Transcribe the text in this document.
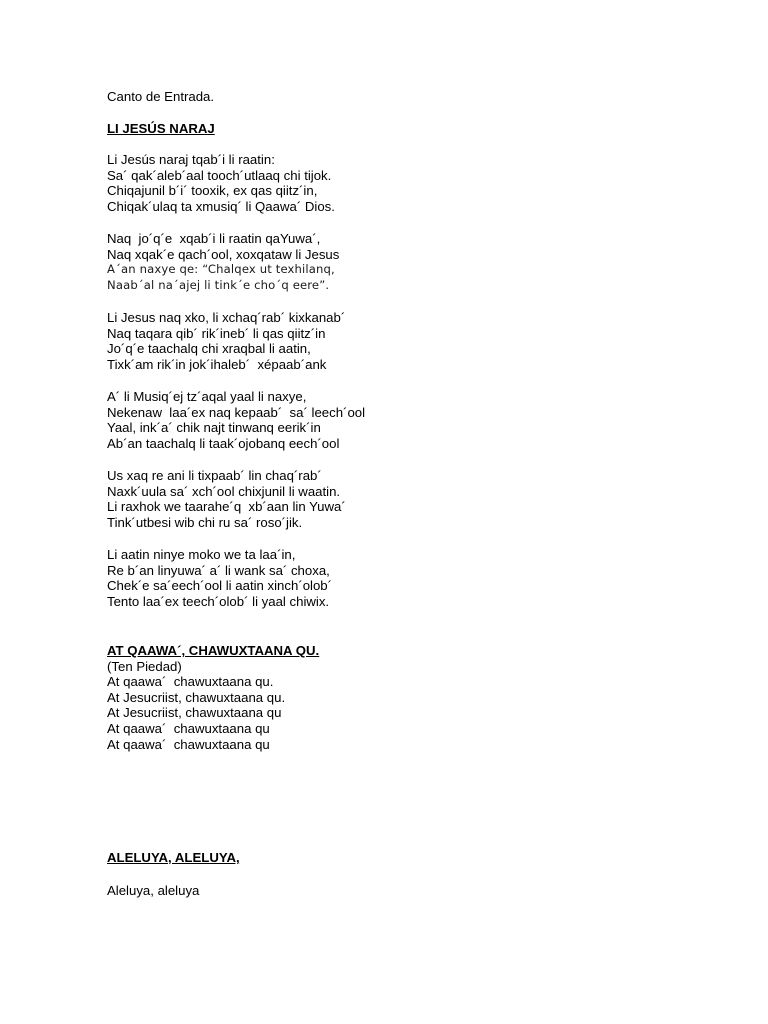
Canto de Entrada.
LI JESÚS NARAJ
Li Jesús naraj tqab´i li raatin:
Sa´ qak´aleb´aal tooch´utlaaq chi tijok.
Chiqajunil b´i´ tooxik, ex qas qiitz´in,
Chiqak´ulaq ta xmusiq´ li Qaawa´ Dios.
Naq  jo´q´e  xqab´i li raatin qaYuwa´,
Naq xqak´e qach´ool, xoxqataw li Jesus
A´an naxye qe: “Chalqex ut texhilanq,
Naab´al na´ajej li tink´e cho´q eere”.
Li Jesus naq xko, li xchaq´rab´ kixkanab´
Naq taqara qib´ rik´ineb´ li qas qiitz´in
Jo´q´e taachalq chi xraqbal li aatin,
Tixk´am rik´in jok´ihaleb´  xépaab´ank
A´ li Musiq´ej tz´aqal yaal li naxye,
Nekenaw  laa´ex naq kepaab´  sa´ leech´ool
Yaal, ink´a´ chik najt tinwanq eerik´in
Ab´an taachalq li taak´ojobanq eech´ool
Us xaq re ani li tixpaab´ lin chaq´rab´
Naxk´uula sa´ xch´ool chixjunil li waatin.
Li raxhok we taarahe´q  xb´aan lin Yuwa´
Tink´utbesi wib chi ru sa´ roso´jik.
Li aatin ninye moko we ta laa´in,
Re b´an linyuwa´ a´ li wank sa´ choxa,
Chek´e sa´eech´ool li aatin xinch´olob´
Tento laa´ex teech´olob´ li yaal chiwix.
AT QAAWA´, CHAWUXTAANA QU.
(Ten Piedad)
At qaawa´  chawuxtaana qu.
At Jesucriist, chawuxtaana qu.
At Jesucriist, chawuxtaana qu
At qaawa´  chawuxtaana qu
At qaawa´  chawuxtaana qu
ALELUYA, ALELUYA,
Aleluya, aleluya
